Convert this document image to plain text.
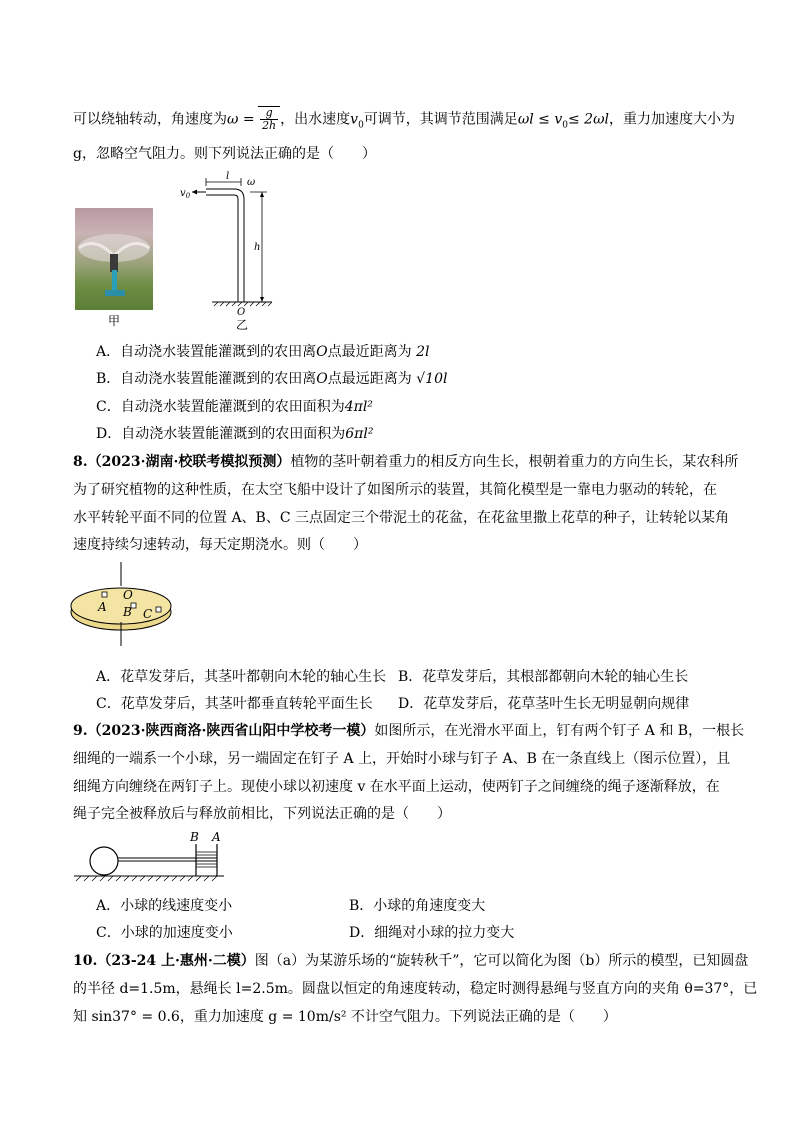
可以绕轴转动，角速度为$\omega = \frac{g}{2h}$ ，出水速度$v_0$可调节，其调节范围满足$\omega l \le v_0\le 2\omega l$，重力加速度大小为
g，忽略空气阻力。则下列说法正确的是（　　）
甲
$v_0$
l
ω
h
O
乙
A．自动浇水装置能灌溉到的农田离O点最近距离为 2l
B．自动浇水装置能灌溉到的农田离O点最远距离为 √10l
C．自动浇水装置能灌溉到的农田面积为4πl²
D．自动浇水装置能灌溉到的农田面积为6πl²
8.（2023·湖南·校联考模拟预测）植物的茎叶朝着重力的相反方向生长，根朝着重力的方向生长，某农科所
为了研究植物的这种性质，在太空飞船中设计了如图所示的装置，其简化模型是一靠电力驱动的转轮，在
水平转轮平面不同的位置 A、B、C 三点固定三个带泥土的花盆，在花盆里撒上花草的种子，让转轮以某角
速度持续匀速转动，每天定期浇水。则（　　）
A
O
B C
A．花草发芽后，其茎叶都朝向木轮的轴心生长 B．花草发芽后，其根部都朝向木轮的轴心生长
C．花草发芽后，其茎叶都垂直转轮平面生长 D．花草发芽后，花草茎叶生长无明显朝向规律
9.（2023·陕西商洛·陕西省山阳中学校考一模）如图所示，在光滑水平面上，钉有两个钉子 A 和 B，一根长
细绳的一端系一个小球，另一端固定在钉子 A 上，开始时小球与钉子 A、B 在一条直线上（图示位置），且
细绳方向缠绕在两钉子上。现使小球以初速度 v 在水平面上运动，使两钉子之间缠绕的绳子逐渐释放，在
绳子完全被释放后与释放前相比，下列说法正确的是（　　）
B A
A．小球的线速度变小	B．小球的角速度变大
C．小球的加速度变小	D．细绳对小球的拉力变大
10.（23-24 上·惠州·二模）图（a）为某游乐场的“旋转秋千”，它可以简化为图（b）所示的模型，已知圆盘
的半径 d=1.5m，悬绳长 l=2.5m。圆盘以恒定的角速度转动，稳定时测得悬绳与竖直方向的夹角 θ=37°，已
知 sin37° = 0.6，重力加速度 g = 10m/s² 不计空气阻力。下列说法正确的是（　　）
